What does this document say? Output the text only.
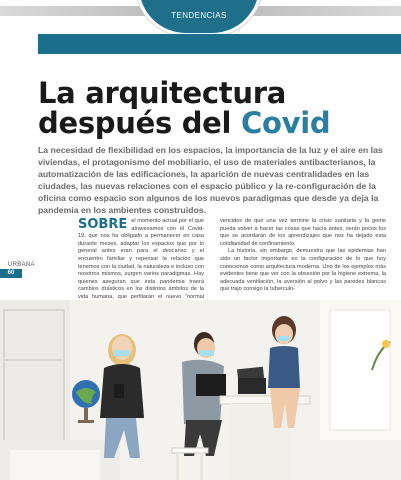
TENDENCIAS
La arquitectura
después del Covid

La necesidad de flexibilidad en los espacios, la importancia de la luz y el aire en las viviendas, el protagonismo del mobiliario, el uso de materiales antibacterianos, la automatización de las edificaciones, la aparición de nuevas centralidades en las ciudades, las nuevas relaciones con el espacio público y la re-configuración de la oficina como espacio son algunos de los nuevos paradigmas que desde ya deja la pandemia en los ambientes construidos.

URBANA
60

SOBRE el momento actual por el que atravesamos con el Covid-19, que nos ha obligado a permanecer en casa durante meses, adaptar los espacios que por lo general antes eran para el descanso y el encuentro familiar y repensar la relación que tenemos con la ciudad, la naturaleza e incluso con nosotros mismos, surgen varios paradigmas. Hay quienes aseguran que esta pandemia traerá cambios drásticos en los distintos ámbitos de la vida humana, que perfilarán el nuevo “normal

vencidos de que una vez termine la crisis sanitaria y la gente pueda volver a hacer las cosas que hacía antes, serán pocos los que se acordarán de los aprendizajes que nos ha dejado esta cotidianidad de confinamiento.
La historia, sin embargo, demuestra que las epidemias han sido un factor importante en la configuración de lo que hoy conocemos como arquitectura moderna. Uno de los ejemplos más evidentes tiene que ver con la obsesión por la higiene extrema, la adecuada ventilación, la aversión al polvo y las paredes blancas que trajo consigo la tuberculo-
